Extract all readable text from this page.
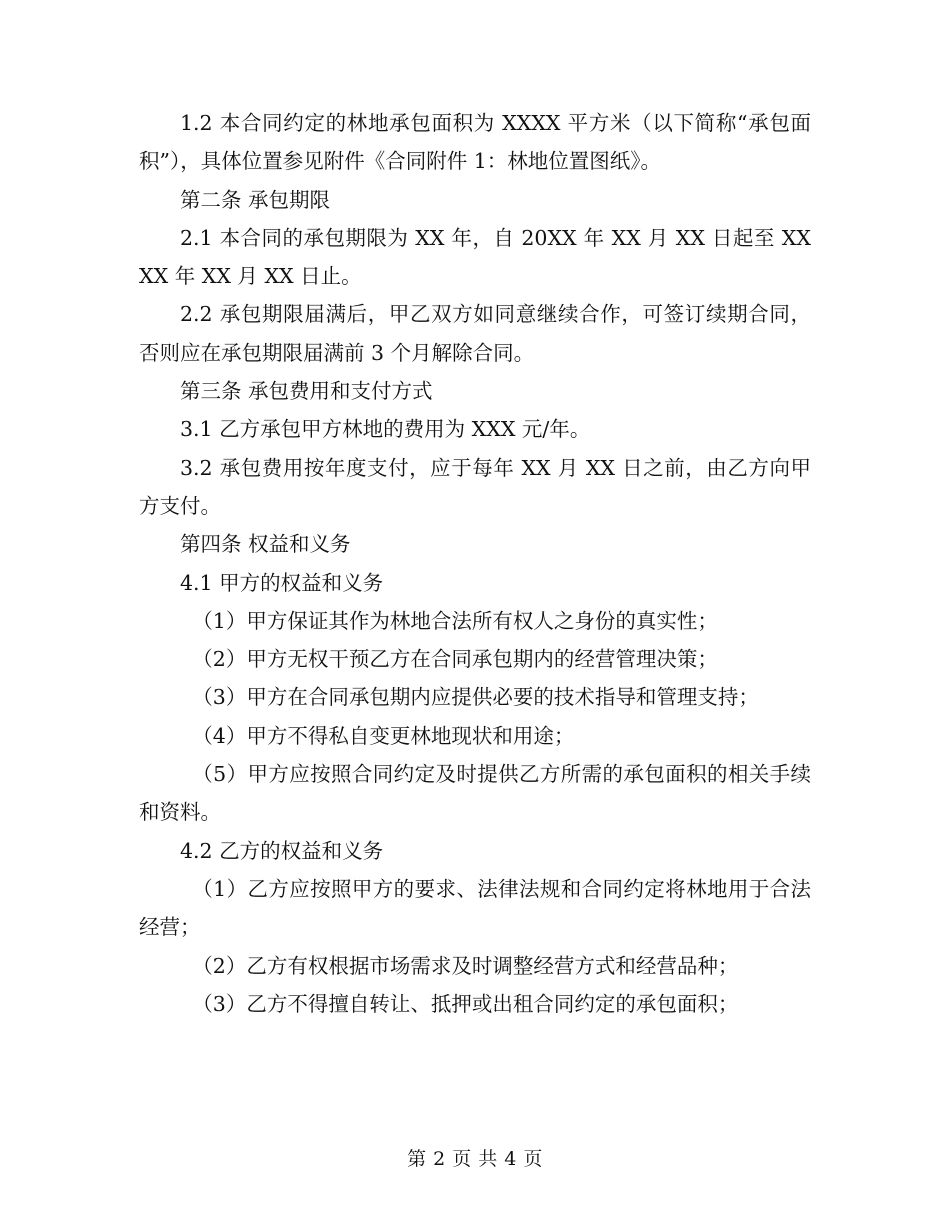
1.2 本合同约定的林地承包面积为 XXXX 平方米（以下简称“承包面积”），具体位置参见附件《合同附件 1：林地位置图纸》。

第二条 承包期限

2.1 本合同的承包期限为 XX 年，自 20XX 年 XX 月 XX 日起至 XXXX 年 XX 月 XX 日止。

2.2 承包期限届满后，甲乙双方如同意继续合作，可签订续期合同，否则应在承包期限届满前 3 个月解除合同。

第三条 承包费用和支付方式

3.1 乙方承包甲方林地的费用为 XXX 元/年。

3.2 承包费用按年度支付，应于每年 XX 月 XX 日之前，由乙方向甲方支付。

第四条 权益和义务

4.1 甲方的权益和义务

（1）甲方保证其作为林地合法所有权人之身份的真实性；

（2）甲方无权干预乙方在合同承包期内的经营管理决策；

（3）甲方在合同承包期内应提供必要的技术指导和管理支持；

（4）甲方不得私自变更林地现状和用途；

（5）甲方应按照合同约定及时提供乙方所需的承包面积的相关手续和资料。

4.2 乙方的权益和义务

（1）乙方应按照甲方的要求、法律法规和合同约定将林地用于合法经营；

（2）乙方有权根据市场需求及时调整经营方式和经营品种；

（3）乙方不得擅自转让、抵押或出租合同约定的承包面积；

第 2 页 共 4 页
